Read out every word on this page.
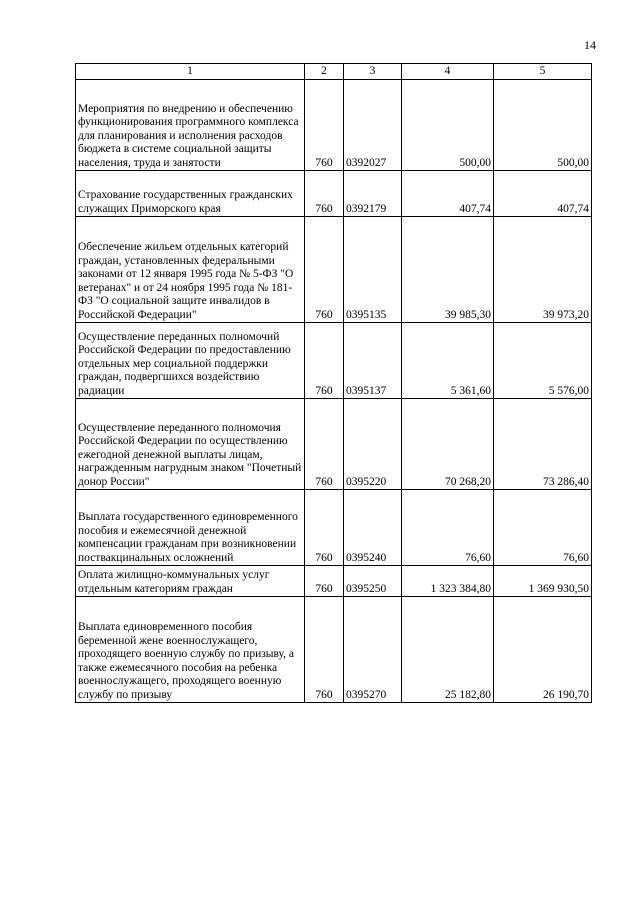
14
1	2	3	4	5
Мероприятия по внедрению и обеспечению функционирования программного комплекса для планирования и исполнения расходов бюджета в системе социальной защиты населения, труда и занятости	760	0392027	500,00	500,00
Страхование государственных гражданских служащих Приморского края	760	0392179	407,74	407,74
Обеспечение жильем отдельных категорий граждан, установленных федеральными законами от 12 января 1995 года № 5-ФЗ "О ветеранах" и от 24 ноября 1995 года № 181-ФЗ "О социальной защите инвалидов в Российской Федерации"	760	0395135	39 985,30	39 973,20
Осуществление переданных полномочий Российской Федерации по предоставлению отдельных мер социальной поддержки граждан, подвергшихся воздействию радиации	760	0395137	5 361,60	5 576,00
Осуществление переданного полномочия Российской Федерации по осуществлению ежегодной денежной выплаты лицам, награжденным нагрудным знаком "Почетный донор России"	760	0395220	70 268,20	73 286,40
Выплата государственного единовременного пособия и ежемесячной денежной компенсации гражданам при возникновении поствакцинальных осложнений	760	0395240	76,60	76,60
Оплата жилищно-коммунальных услуг отдельным категориям граждан	760	0395250	1 323 384,80	1 369 930,50
Выплата единовременного пособия беременной жене военнослужащего, проходящего военную службу по призыву, а также ежемесячного пособия на ребенка военнослужащего, проходящего военную службу по призыву	760	0395270	25 182,80	26 190,70
